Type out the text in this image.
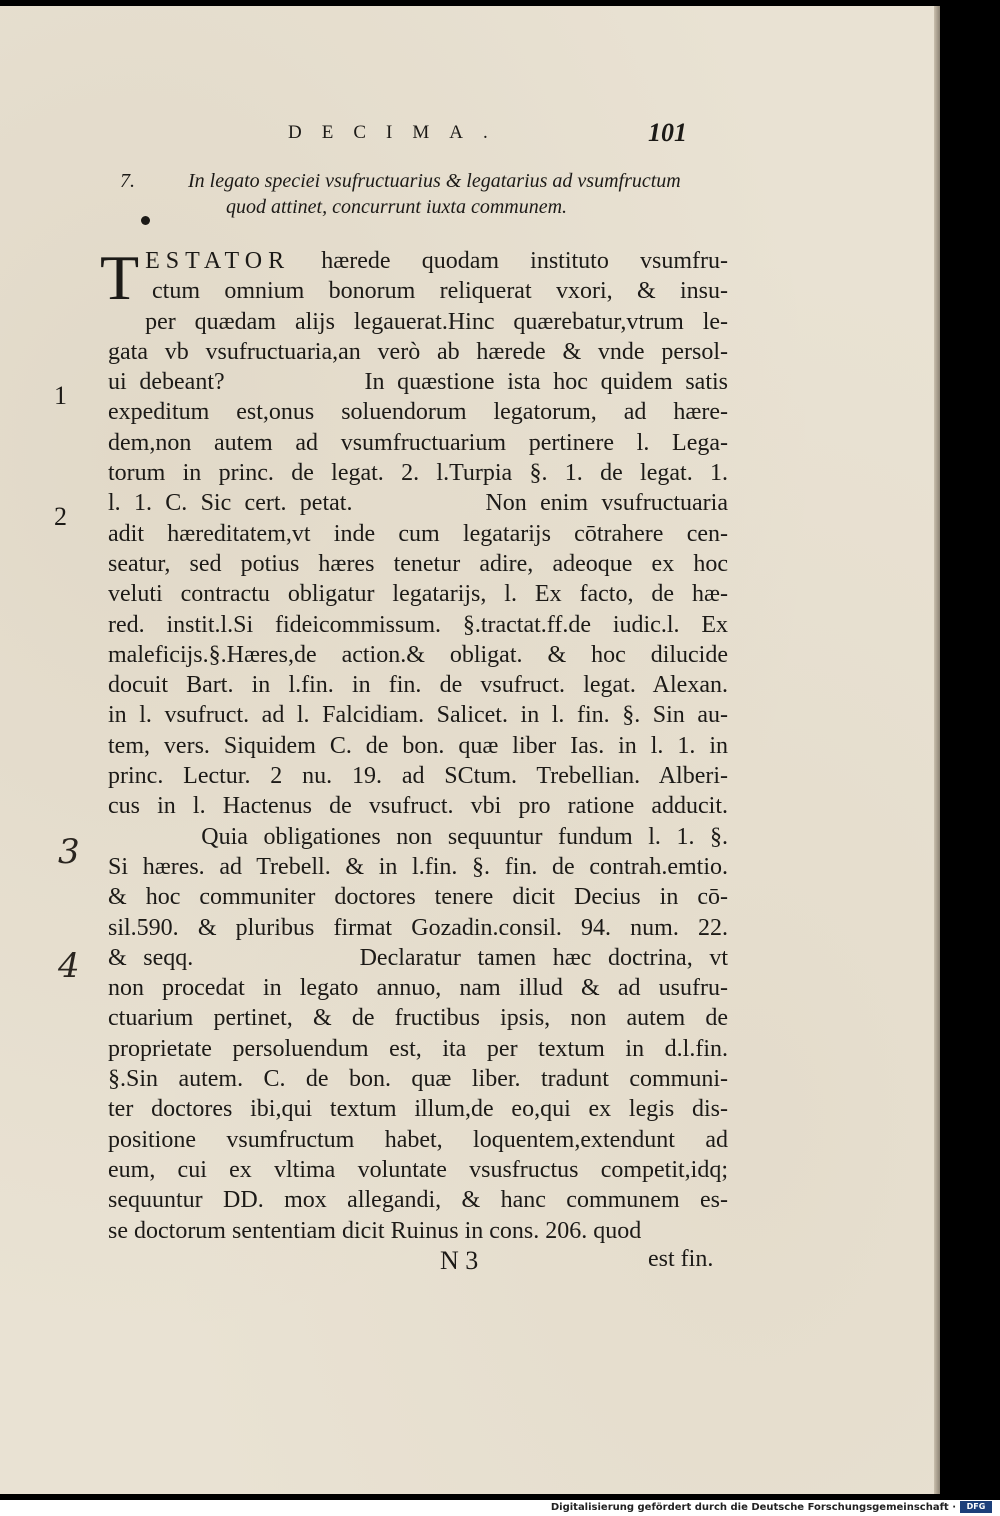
DECIMA.	101
7.	In legato speciei vsufructuarius & legatarius ad vsumfructum
quod attinet, concurrunt iuxta communem.
1
2
3
4
TESTATOR hærede quodam instituto vsumfru-
ctum omnium bonorum reliquerat vxori, & insu-
per quædam alijs legauerat.Hinc quærebatur,vtrum le-
gata vb vsufructuaria,an verò ab hærede & vnde persol-
ui debeant?           In quæstione ista hoc quidem satis
expeditum est,onus soluendorum legatorum, ad hære-
dem,non autem ad vsumfructuarium pertinere l. Lega-
torum in princ. de legat. 2. l.Turpia §. 1. de legat. 1.
l. 1. C. Sic cert. petat.          Non enim vsufructuaria
adit hæreditatem,vt inde cum legatarijs cōtrahere cen-
seatur, sed potius hæres tenetur adire, adeoque ex hoc
veluti contractu obligatur legatarijs, l. Ex facto, de hæ-
red. instit.l.Si fideicommissum. §.tractat.ff.de iudic.l. Ex
maleficijs.§.Hæres,de action.& obligat. & hoc dilucide
docuit Bart. in l.fin. in fin. de vsufruct. legat. Alexan.
in l. vsufruct. ad l. Falcidiam. Salicet. in l. fin. §. Sin au-
tem, vers. Siquidem C. de bon. quæ liber Ias. in l. 1. in
princ. Lectur. 2 nu. 19. ad SCtum. Trebellian. Alberi-
cus in l. Hactenus de vsufruct. vbi pro ratione adducit.
Quia obligationes non sequuntur fundum l. 1. §.
Si hæres. ad Trebell. & in l.fin. §. fin. de contrah.emtio.
& hoc communiter doctores tenere dicit Decius in cō-
sil.590. & pluribus firmat Gozadin.consil. 94. num. 22.
& seqq.          Declaratur tamen hæc doctrina, vt
non procedat in legato annuo, nam illud & ad usufru-
ctuarium pertinet, & de fructibus ipsis, non autem de
proprietate persoluendum est, ita per textum in d.l.fin.
§.Sin autem. C. de bon. quæ liber. tradunt communi-
ter doctores ibi,qui textum illum,de eo,qui ex legis dis-
positione vsumfructum habet, loquentem,extendunt ad
eum, cui ex vltima voluntate vsusfructus competit,idq;
sequuntur DD. mox allegandi, & hanc communem es-
se doctorum sententiam dicit Ruinus in cons. 206. quod
N 3	est fin.
Digitalisierung gefördert durch die Deutsche Forschungsgemeinschaft ·	DFG
